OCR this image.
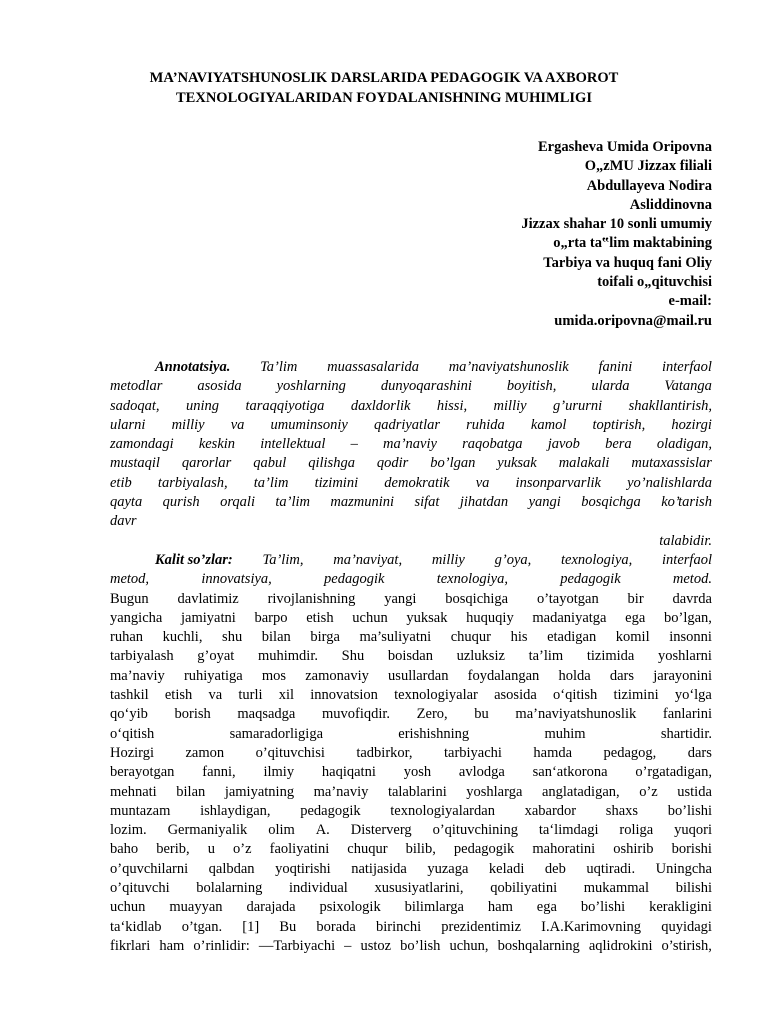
MA’NAVIYATSHUNOSLIK DARSLARIDA PEDAGOGIK VA AXBOROT
TEXNOLOGIYALARIDAN FOYDALANISHNING MUHIMLIGI
Ergasheva Umida Oripovna
O„zMU Jizzax filiali
Abdullayeva Nodira
Asliddinovna
Jizzax shahar 10 sonli umumiy
o„rta ta‟lim maktabining
Tarbiya va huquq fani Oliy
toifali o„qituvchisi
e-mail:
umida.oripovna@mail.ru
Annotatsiya. Ta’lim muassasalarida ma’naviyatshunoslik fanini interfaol
metodlar asosida yoshlarning dunyoqarashini boyitish, ularda Vatanga
sadoqat, uning taraqqiyotiga daxldorlik hissi, milliy g’ururni shakllantirish,
ularni milliy va umuminsoniy qadriyatlar ruhida kamol toptirish, hozirgi
zamondagi keskin intellektual – ma’naviy raqobatga javob bera oladigan,
mustaqil qarorlar qabul qilishga qodir bo’lgan yuksak malakali mutaxassislar
etib tarbiyalash, ta’lim tizimini demokratik va insonparvarlik yo’nalishlarda
qayta qurish orqali ta’lim mazmunini sifat jihatdan yangi bosqichga ko’tarish
davr
talabidir.
Kalit so’zlar: Ta’lim, ma’naviyat, milliy g’oya, texnologiya, interfaol
metod,	innovatsiya,	pedagogik	texnologiya,	pedagogik	metod.
Bugun davlatimiz rivojlanishning yangi bosqichiga o’tayotgan bir davrda
yangicha jamiyatni barpo etish uchun yuksak huquqiy madaniyatga ega bo’lgan,
ruhan kuchli, shu bilan birga ma’suliyatni chuqur his etadigan komil insonni
tarbiyalash g’oyat muhimdir. Shu boisdan uzluksiz ta’lim tizimida yoshlarni
ma’naviy ruhiyatiga mos zamonaviy usullardan foydalangan holda dars jarayonini
tashkil etish va turli xil innovatsion texnologiyalar asosida o‘qitish tizimini yo‘lga
qo‘yib borish maqsadga muvofiqdir. Zero, bu ma’naviyatshunoslik fanlarini
o‘qitish	samaradorligiga	erishishning	muhim	shartidir.
Hozirgi zamon o’qituvchisi tadbirkor, tarbiyachi hamda pedagog, dars
berayotgan fanni, ilmiy haqiqatni yosh avlodga san‘atkorona o’rgatadigan,
mehnati bilan jamiyatning ma’naviy talablarini yoshlarga anglatadigan, o’z ustida
muntazam ishlaydigan, pedagogik texnologiyalardan xabardor shaxs bo’lishi
lozim. Germaniyalik olim A. Disterverg o’qituvchining ta‘limdagi roliga yuqori
baho berib, u o’z faoliyatini chuqur bilib, pedagogik mahoratini oshirib borishi
o’quvchilarni qalbdan yoqtirishi natijasida yuzaga keladi deb uqtiradi. Uningcha
o’qituvchi bolalarning individual xususiyatlarini, qobiliyatini mukammal bilishi
uchun muayyan darajada psixologik bilimlarga ham ega bo’lishi kerakligini
ta‘kidlab o’tgan. [1] Bu borada birinchi prezidentimiz I.A.Karimovning quyidagi
fikrlari ham o’rinlidir: ―Tarbiyachi – ustoz bo’lish uchun, boshqalarning aqlidrokini o’stirish,
